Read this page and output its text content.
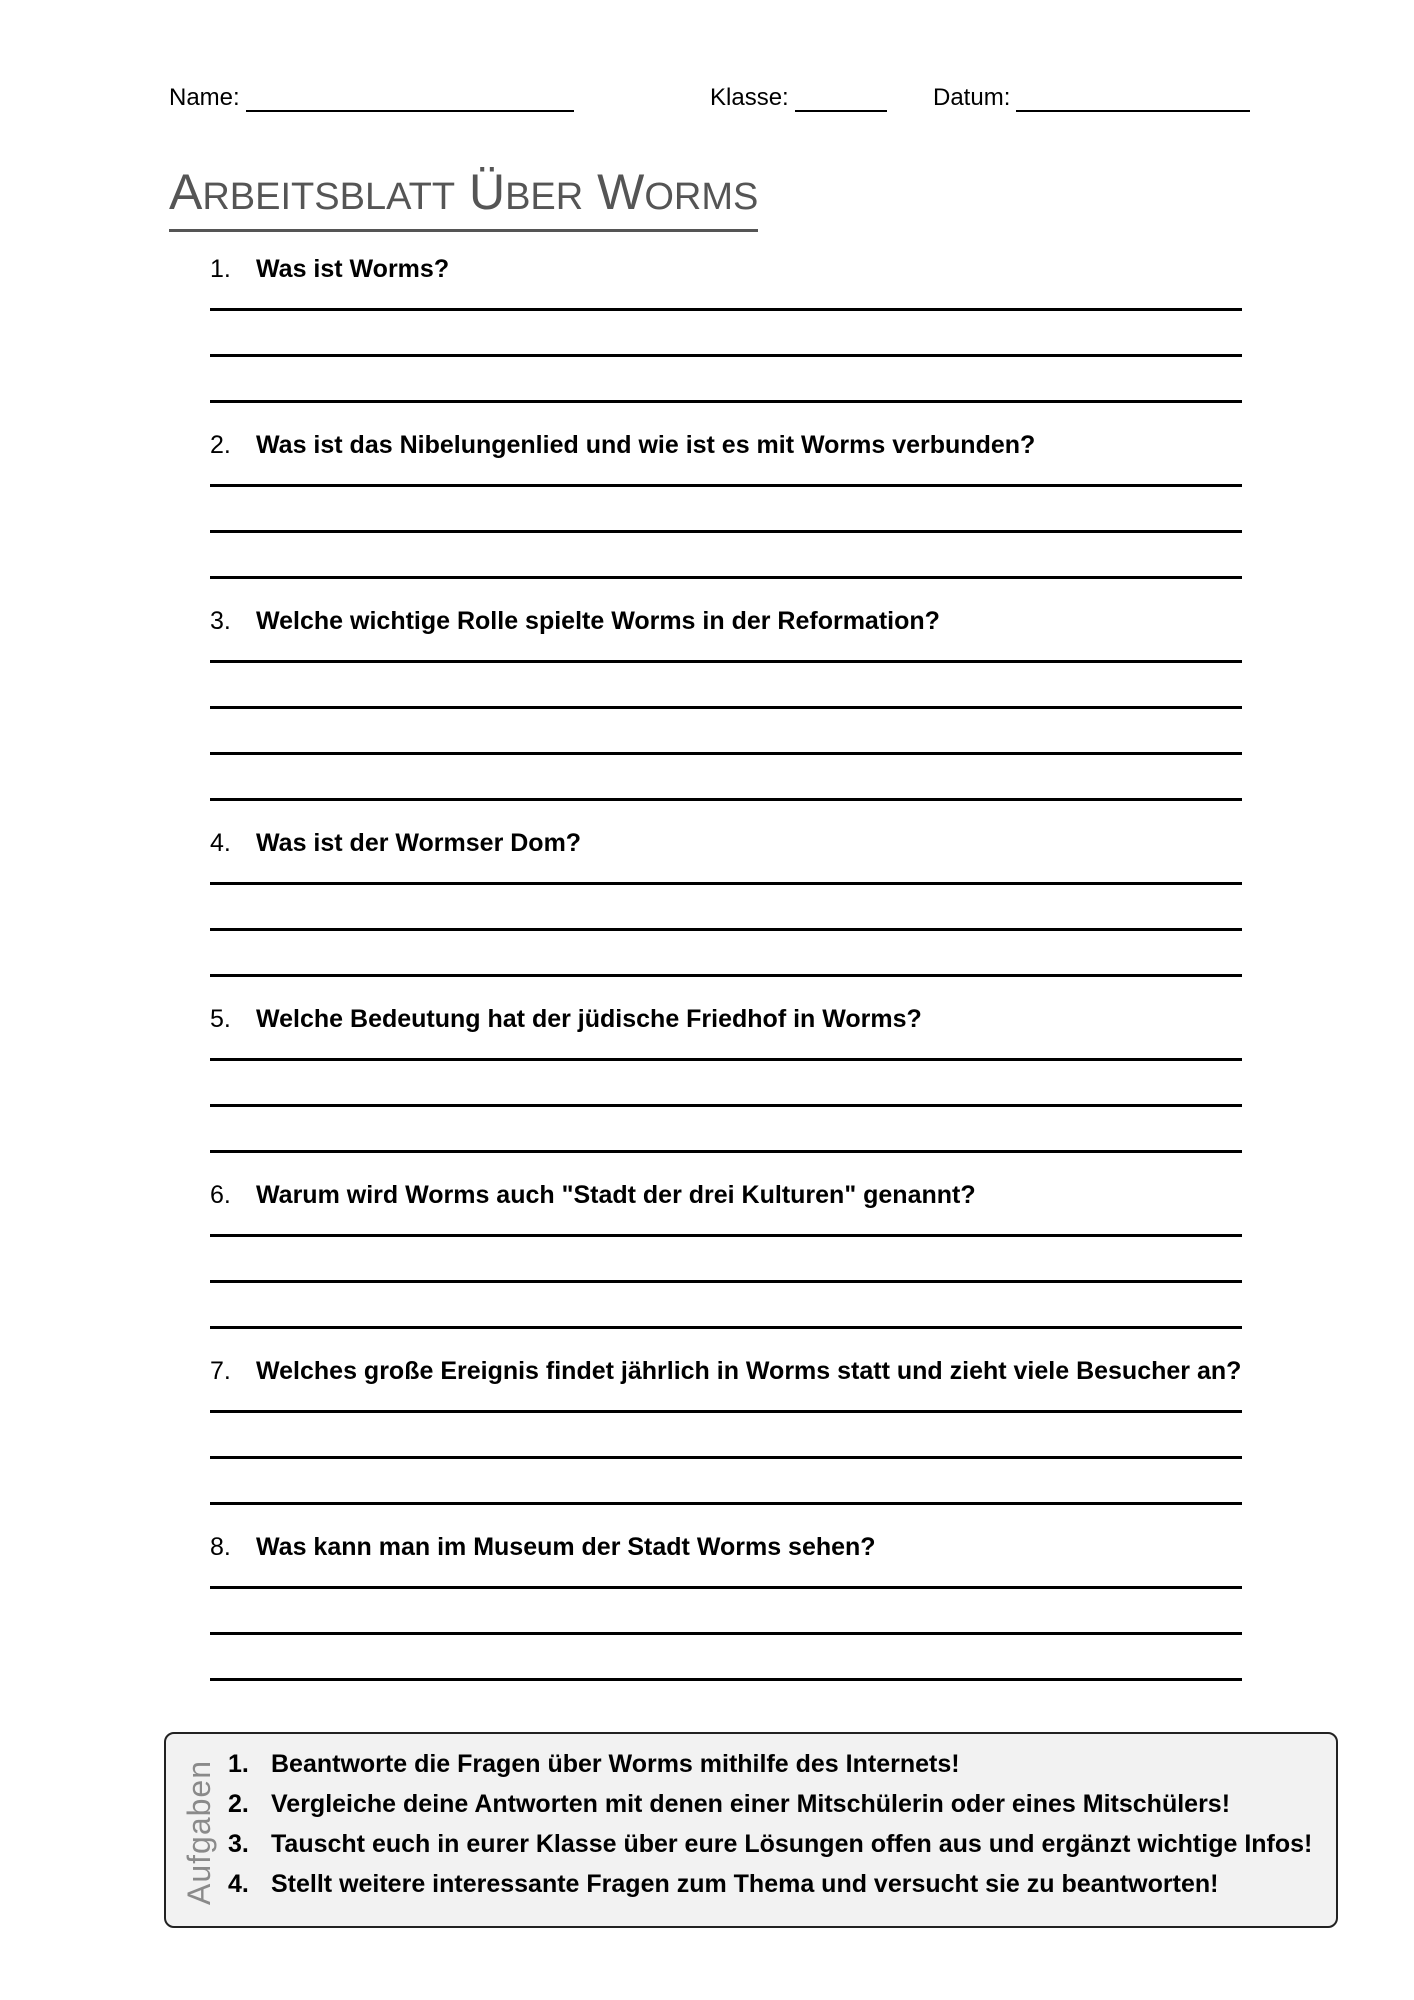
Name:	Klasse:	Datum:
ARBEITSBLATT ÜBER WORMS
1.	Was ist Worms?
2.	Was ist das Nibelungenlied und wie ist es mit Worms verbunden?
3.	Welche wichtige Rolle spielte Worms in der Reformation?
4.	Was ist der Wormser Dom?
5.	Welche Bedeutung hat der jüdische Friedhof in Worms?
6.	Warum wird Worms auch "Stadt der drei Kulturen" genannt?
7.	Welches große Ereignis findet jährlich in Worms statt und zieht viele Besucher an?
8.	Was kann man im Museum der Stadt Worms sehen?
Aufgaben 1. Beantworte die Fragen über Worms mithilfe des Internets!
2. Vergleiche deine Antworten mit denen einer Mitschülerin oder eines Mitschülers!
3. Tauscht euch in eurer Klasse über eure Lösungen offen aus und ergänzt wichtige Infos!
4. Stellt weitere interessante Fragen zum Thema und versucht sie zu beantworten!
